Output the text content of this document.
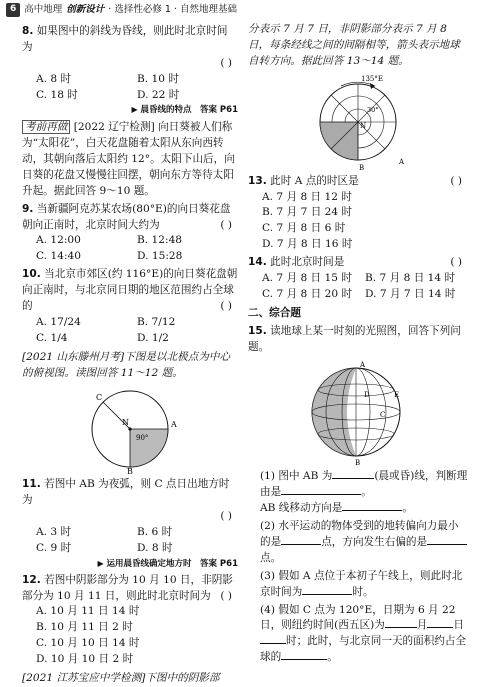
6 高中地理 创新设计 · 选择性必修 1 · 自然地理基础
8. 如果图中的斜线为昏线，则此时北京时间为
( )

A. 8 时	B. 10 时
C. 18 时	D. 22 时
▶ 晨昏线的特点　答案 P61
考前再做 [2022 辽宁检测] 向日葵被人们称为“太阳花”，白天花盘随着太阳从东向西转动，其朝向落后太阳约 12°。太阳下山后，向日葵的花盘又慢慢往回摆，朝向东方等待太阳升起。据此回答 9～10 题。
9. 当新疆阿克苏某农场(80°E)的向日葵花盘朝向正南时，北京时间大约为	( )
A. 12:00	B. 12:48
C. 14:40	D. 15:28
10. 当北京市郊区(约 116°E)的向日葵花盘朝向正南时，与北京同日期的地区范围约占全球的	( )
A. 17/24	B. 7/12
C. 1/4	D. 1/2
[2021 山东滕州月考]下图是以北极点为中心的俯视图。读图回答 11～12 题。
N	A
B
C
90°
11. 若图中 AB 为夜弧，则 C 点日出地方时为
( )

A. 3 时	B. 6 时
C. 9 时	D. 8 时
▶ 运用晨昏线确定地方时　答案 P61
12. 若图中阴影部分为 10 月 10 日，非阴影部分为 10 月 11 日，则此时北京时间为 ( )
A. 10 月 11 日 14 时
B. 10 月 11 日 2 时
C. 10 月 10 日 14 时
D. 10 月 10 日 2 时
[2021 江苏宝应中学检测]下图中的阴影部
分表示 7 月 7 日，非阴影部分表示 7 月 8 日，每条经线之间的间隔相等，箭头表示地球自转方向。据此回答 13～14 题。
135°E
30°
N
A
B
13. 此时 A 点的时区是	( )
A. 7 月 8 日 12 时
B. 7 月 7 日 24 时
C. 7 月 8 日 6 时
D. 7 月 8 日 16 时
14. 此时北京时间是	( )
A. 7 月 8 日 15 时	B. 7 月 8 日 14 时
C. 7 月 8 日 20 时	D. 7 月 7 日 14 时
二、综合题
15. 读地球上某一时刻的光照图，回答下列问题。
A
B
C
D	E
(1) 图中 AB 为	(晨或昏)线，判断理由是	。
AB 线移动方向是	。
(2) 水平运动的物体受到的地转偏向力最小的是	点，方向发生右偏的是点。
(3) 假如 A 点位于本初子午线上，则此时北京时间为	时。
(4) 假如 C 点为 120°E，日期为 6 月 22 日，则纽约时间(西五区)为	月 日时；此时，与北京同一天的面积约占全球的	。
